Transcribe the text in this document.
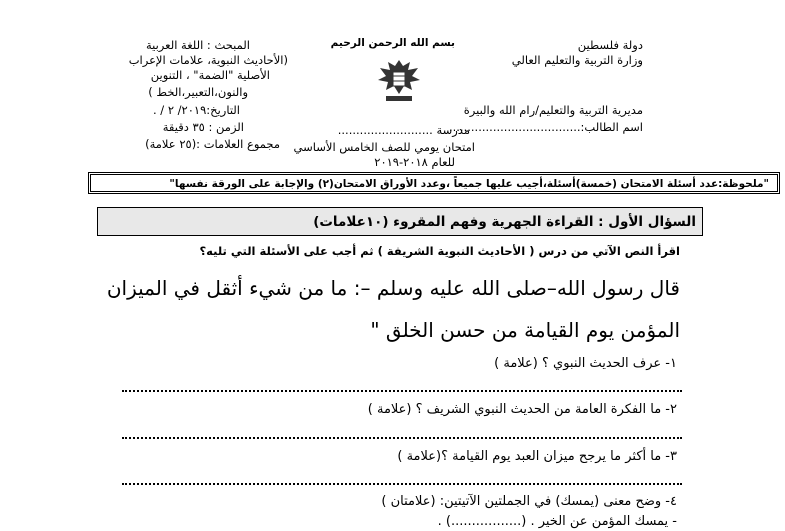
دولة فلسطين
وزارة التربية والتعليم العالي
مديرية التربية والتعليم/رام الله والبيرة
اسم الطالب:....................................
بسم الله الرحمن الرحيم
مدرسة ..........................
امتحان يومي للصف الخامس الأساسي
للعام ٢٠١٨-٢٠١٩
المبحث : اللغة العربية
(الأحاديث النبوية، علامات الإعراب
الأصلية "الضمة" ، التنوين
والنون،التعبير،الخط )
التاريخ:٢٠١٩/ ٢ / .
الزمن : ٣٥ دقيقة
مجموع العلامات :(٢٥ علامة)
"ملحوظة:عدد أسئلة الامتحان (خمسة)أسئلة،أجيب عليها جميعاً ،وعدد الأوراق الامتحان(٢) والإجابة على الورقة نفسها"
السؤال الأول : القراءة الجهرية وفهم المقروء (١٠علامات)
اقرأ النص الآتي من درس ( الأحاديث النبوية الشريفة ) ثم أجب على الأسئلة التي تليه؟
قال رسول الله–صلى الله عليه وسلم –: ما من شيء أثقل في الميزان
المؤمن يوم القيامة من حسن الخلق "
١- عرف الحديث النبوي ؟ (علامة )
٢- ما الفكرة العامة من الحديث النبوي الشريف ؟ (علامة )
٣- ما أكثر ما يرجح ميزان العبد يوم القيامة ؟(علامة )
٤- وضح معنى (يمسك) في الجملتين الآتيتين: (علامتان )
- يمسك المؤمن عن الخير . (.................) .
